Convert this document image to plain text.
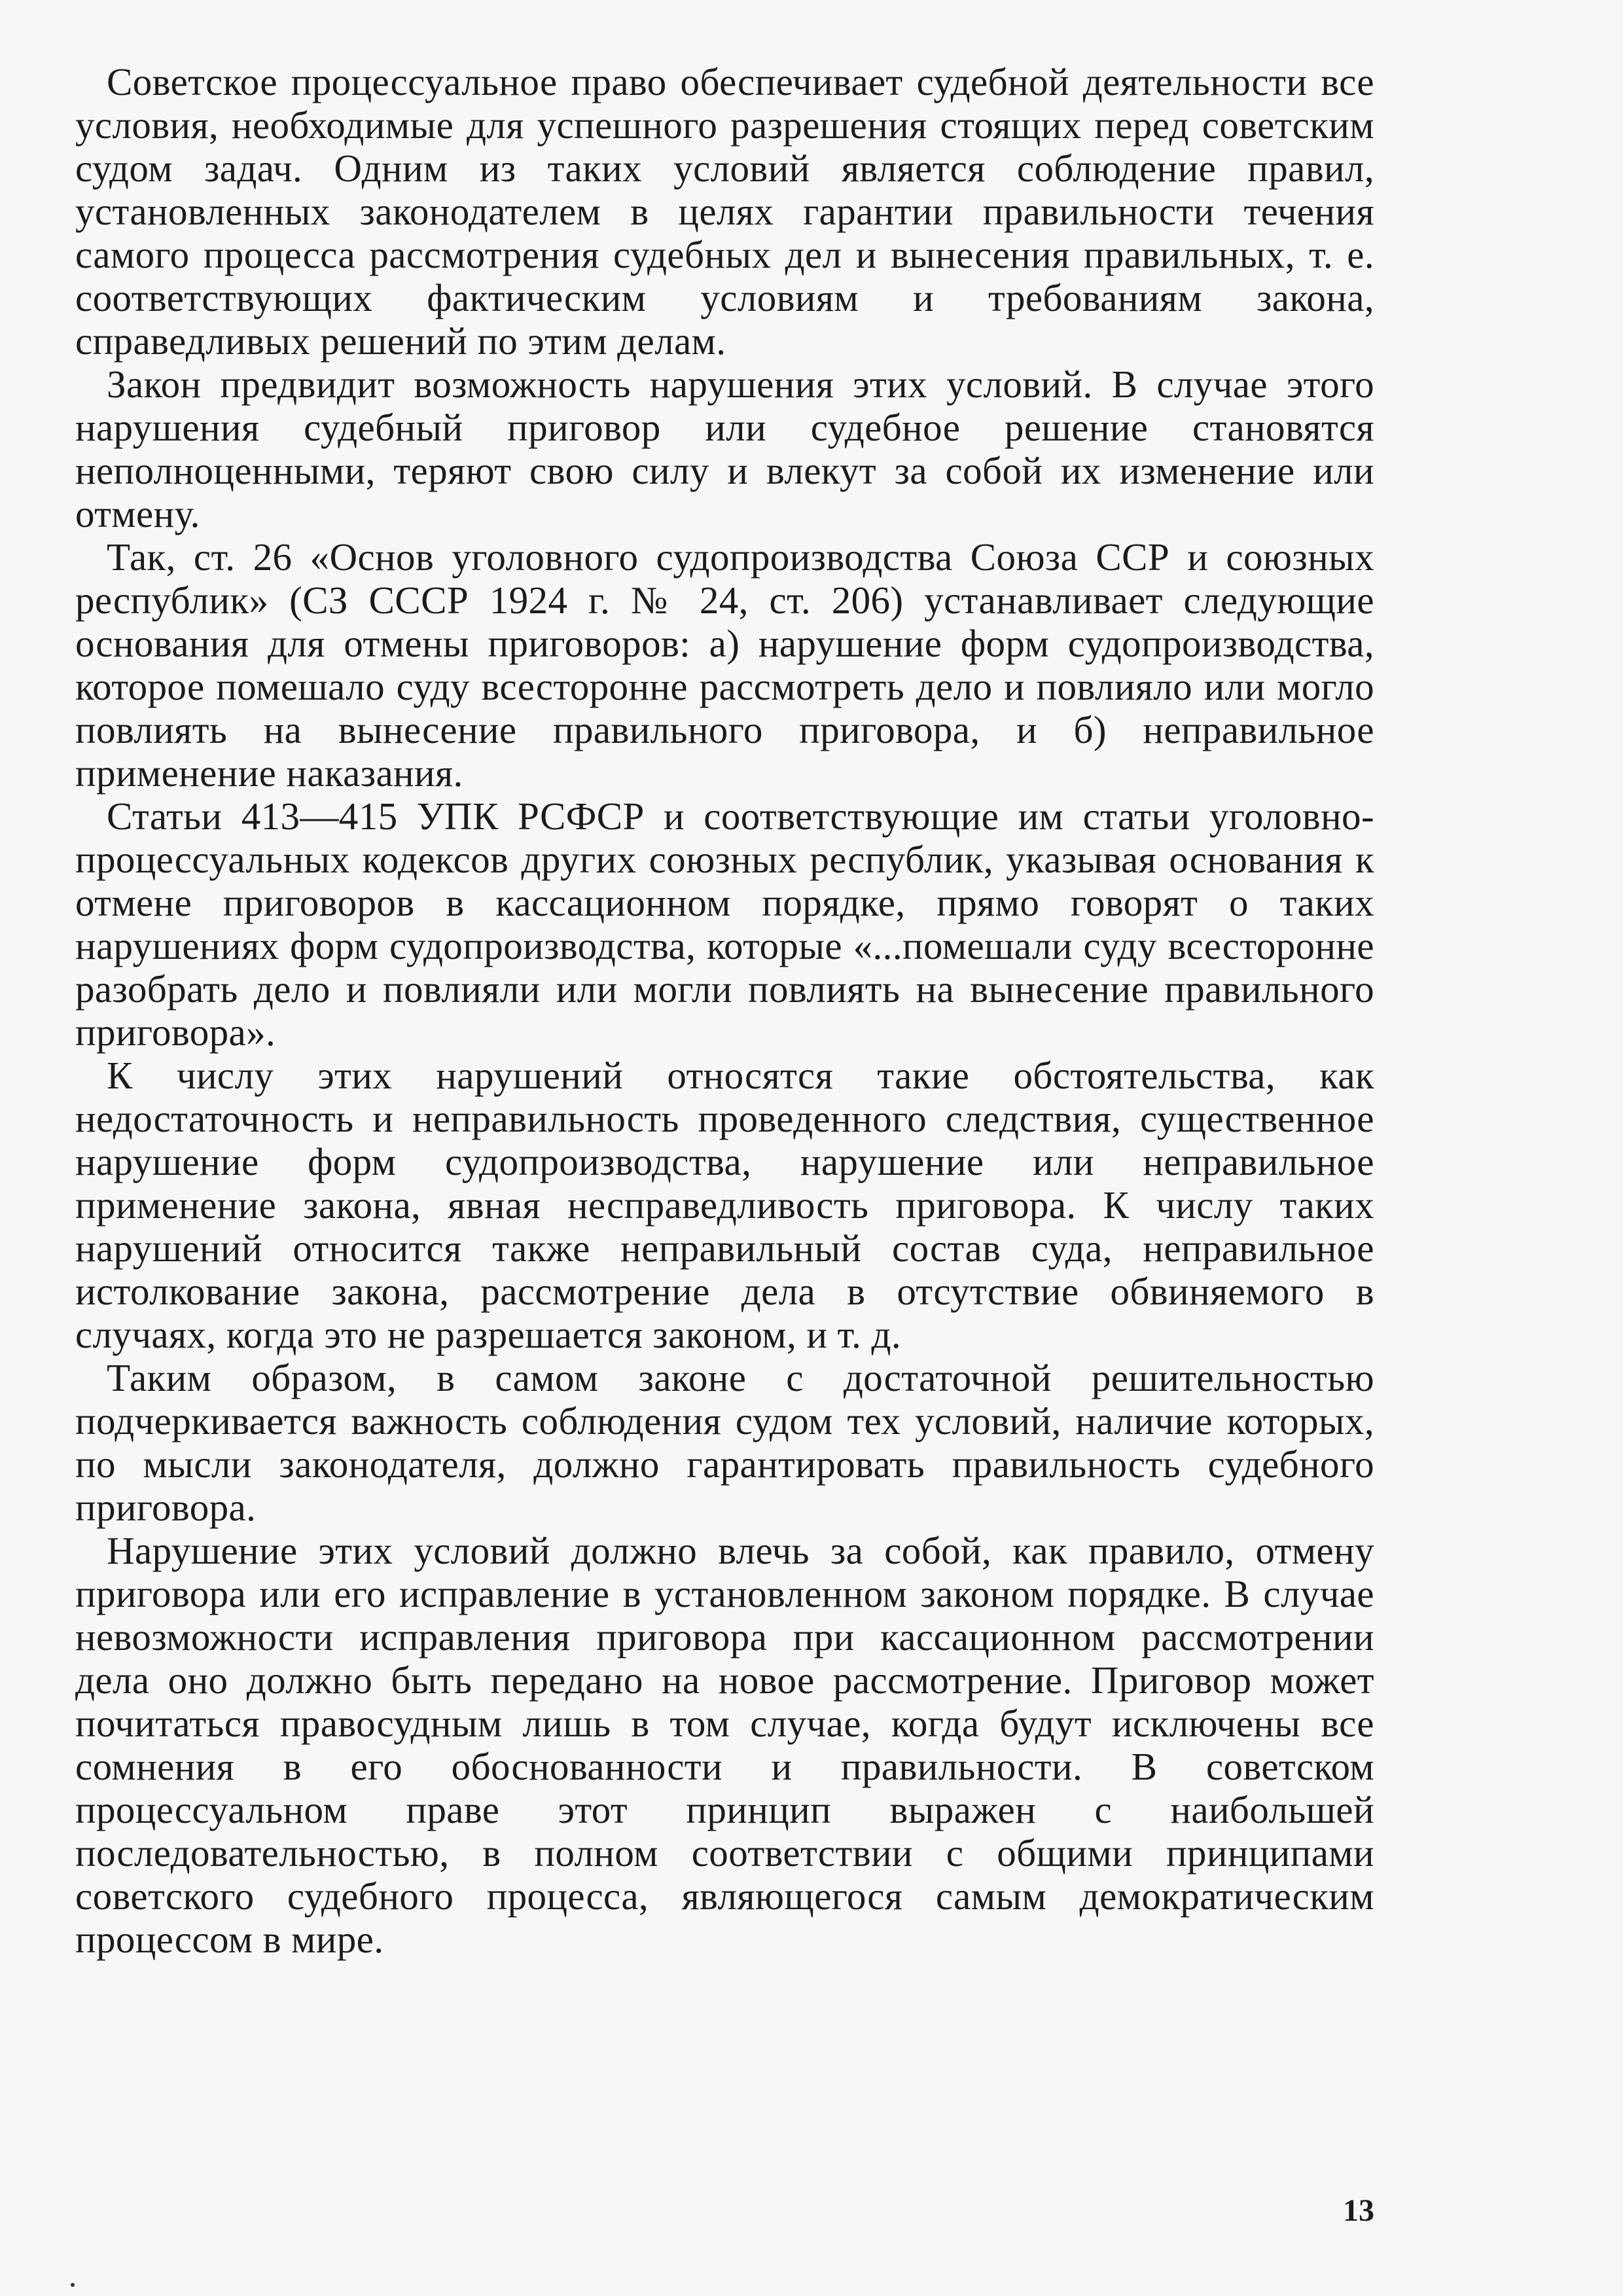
Советское процессуальное право обеспечивает судебной деятельности все условия, необходимые для успешного разрешения стоящих перед советским судом задач. Одним из таких условий является соблюдение правил, установленных законодателем в целях гарантии правильности течения самого процесса рассмотрения судебных дел и вынесения правильных, т. е. соответствующих фактическим условиям и требованиям закона, справедливых решений по этим делам.

Закон предвидит возможность нарушения этих условий. В случае этого нарушения судебный приговор или судебное решение становятся неполноценными, теряют свою силу и влекут за собой их изменение или отмену.

Так, ст. 26 «Основ уголовного судопроизводства Союза ССР и союзных республик» (СЗ СССР 1924 г. № 24, ст. 206) устанавливает следующие основания для отмены приговоров: а) нарушение форм судопроизводства, которое помешало суду всесторонне рассмотреть дело и повлияло или могло повлиять на вынесение правильного приговора, и б) неправильное применение наказания.

Статьи 413—415 УПК РСФСР и соответствующие им статьи уголовно-процессуальных кодексов других союзных республик, указывая основания к отмене приговоров в кассационном порядке, прямо говорят о таких нарушениях форм судопроизводства, которые «...помешали суду всесторонне разобрать дело и повлияли или могли повлиять на вынесение правильного приговора».

К числу этих нарушений относятся такие обстоятельства, как недостаточность и неправильность проведенного следствия, существенное нарушение форм судопроизводства, нарушение или неправильное применение закона, явная несправедливость приговора. К числу таких нарушений относится также неправильный состав суда, неправильное истолкование закона, рассмотрение дела в отсутствие обвиняемого в случаях, когда это не разрешается законом, и т. д.

Таким образом, в самом законе с достаточной решительностью подчеркивается важность соблюдения судом тех условий, наличие которых, по мысли законодателя, должно гарантировать правильность судебного приговора.

Нарушение этих условий должно влечь за собой, как правило, отмену приговора или его исправление в установленном законом порядке. В случае невозможности исправления приговора при кассационном рассмотрении дела оно должно быть передано на новое рассмотрение. Приговор может почитаться правосудным лишь в том случае, когда будут исключены все сомнения в его обоснованности и правильности. В советском процессуальном праве этот принцип выражен с наибольшей последовательностью, в полном соответствии с общими принципами советского судебного процесса, являющегося самым демократическим процессом в мире.

13
